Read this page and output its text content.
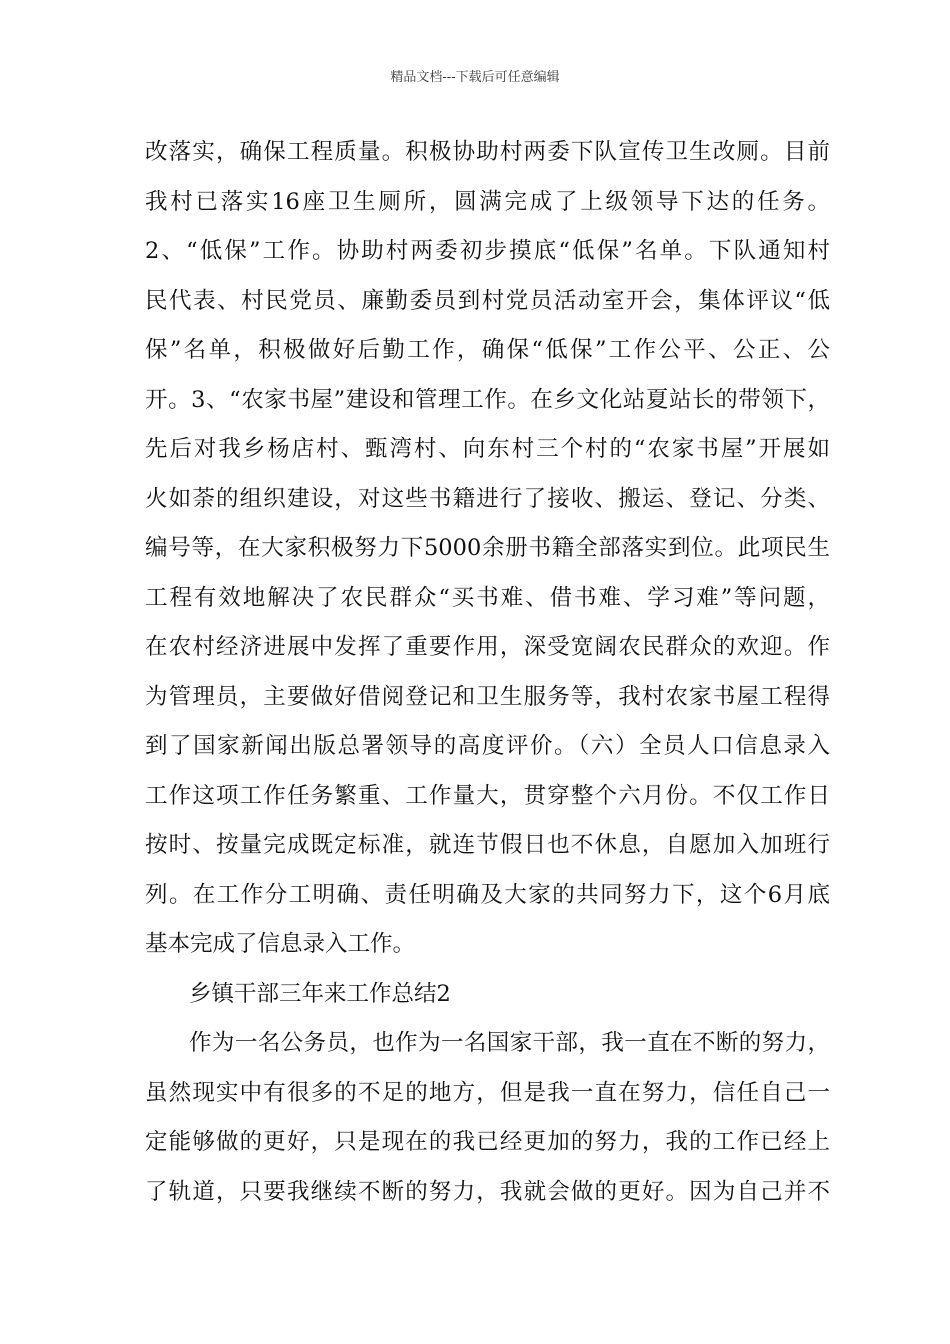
精品文档---下载后可任意编辑
改落实，确保工程质量。积极协助村两委下队宣传卫生改厕。目前
我村已落实16座卫生厕所，圆满完成了上级领导下达的任务。
2、“低保”工作。协助村两委初步摸底“低保”名单。下队通知村
民代表、村民党员、廉勤委员到村党员活动室开会，集体评议“低
保”名单，积极做好后勤工作，确保“低保”工作公平、公正、公
开。3、“农家书屋”建设和管理工作。在乡文化站夏站长的带领下，
先后对我乡杨店村、甄湾村、向东村三个村的“农家书屋”开展如
火如荼的组织建设，对这些书籍进行了接收、搬运、登记、分类、
编号等，在大家积极努力下5000余册书籍全部落实到位。此项民生
工程有效地解决了农民群众“买书难、借书难、学习难”等问题，
在农村经济进展中发挥了重要作用，深受宽阔农民群众的欢迎。作
为管理员，主要做好借阅登记和卫生服务等，我村农家书屋工程得
到了国家新闻出版总署领导的高度评价。（六）全员人口信息录入
工作这项工作任务繁重、工作量大，贯穿整个六月份。不仅工作日
按时、按量完成既定标准，就连节假日也不休息，自愿加入加班行
列。在工作分工明确、责任明确及大家的共同努力下，这个6月底
基本完成了信息录入工作。
乡镇干部三年来工作总结2
作为一名公务员，也作为一名国家干部，我一直在不断的努力，
虽然现实中有很多的不足的地方，但是我一直在努力，信任自己一
定能够做的更好，只是现在的我已经更加的努力，我的工作已经上
了轨道，只要我继续不断的努力，我就会做的更好。因为自己并不
